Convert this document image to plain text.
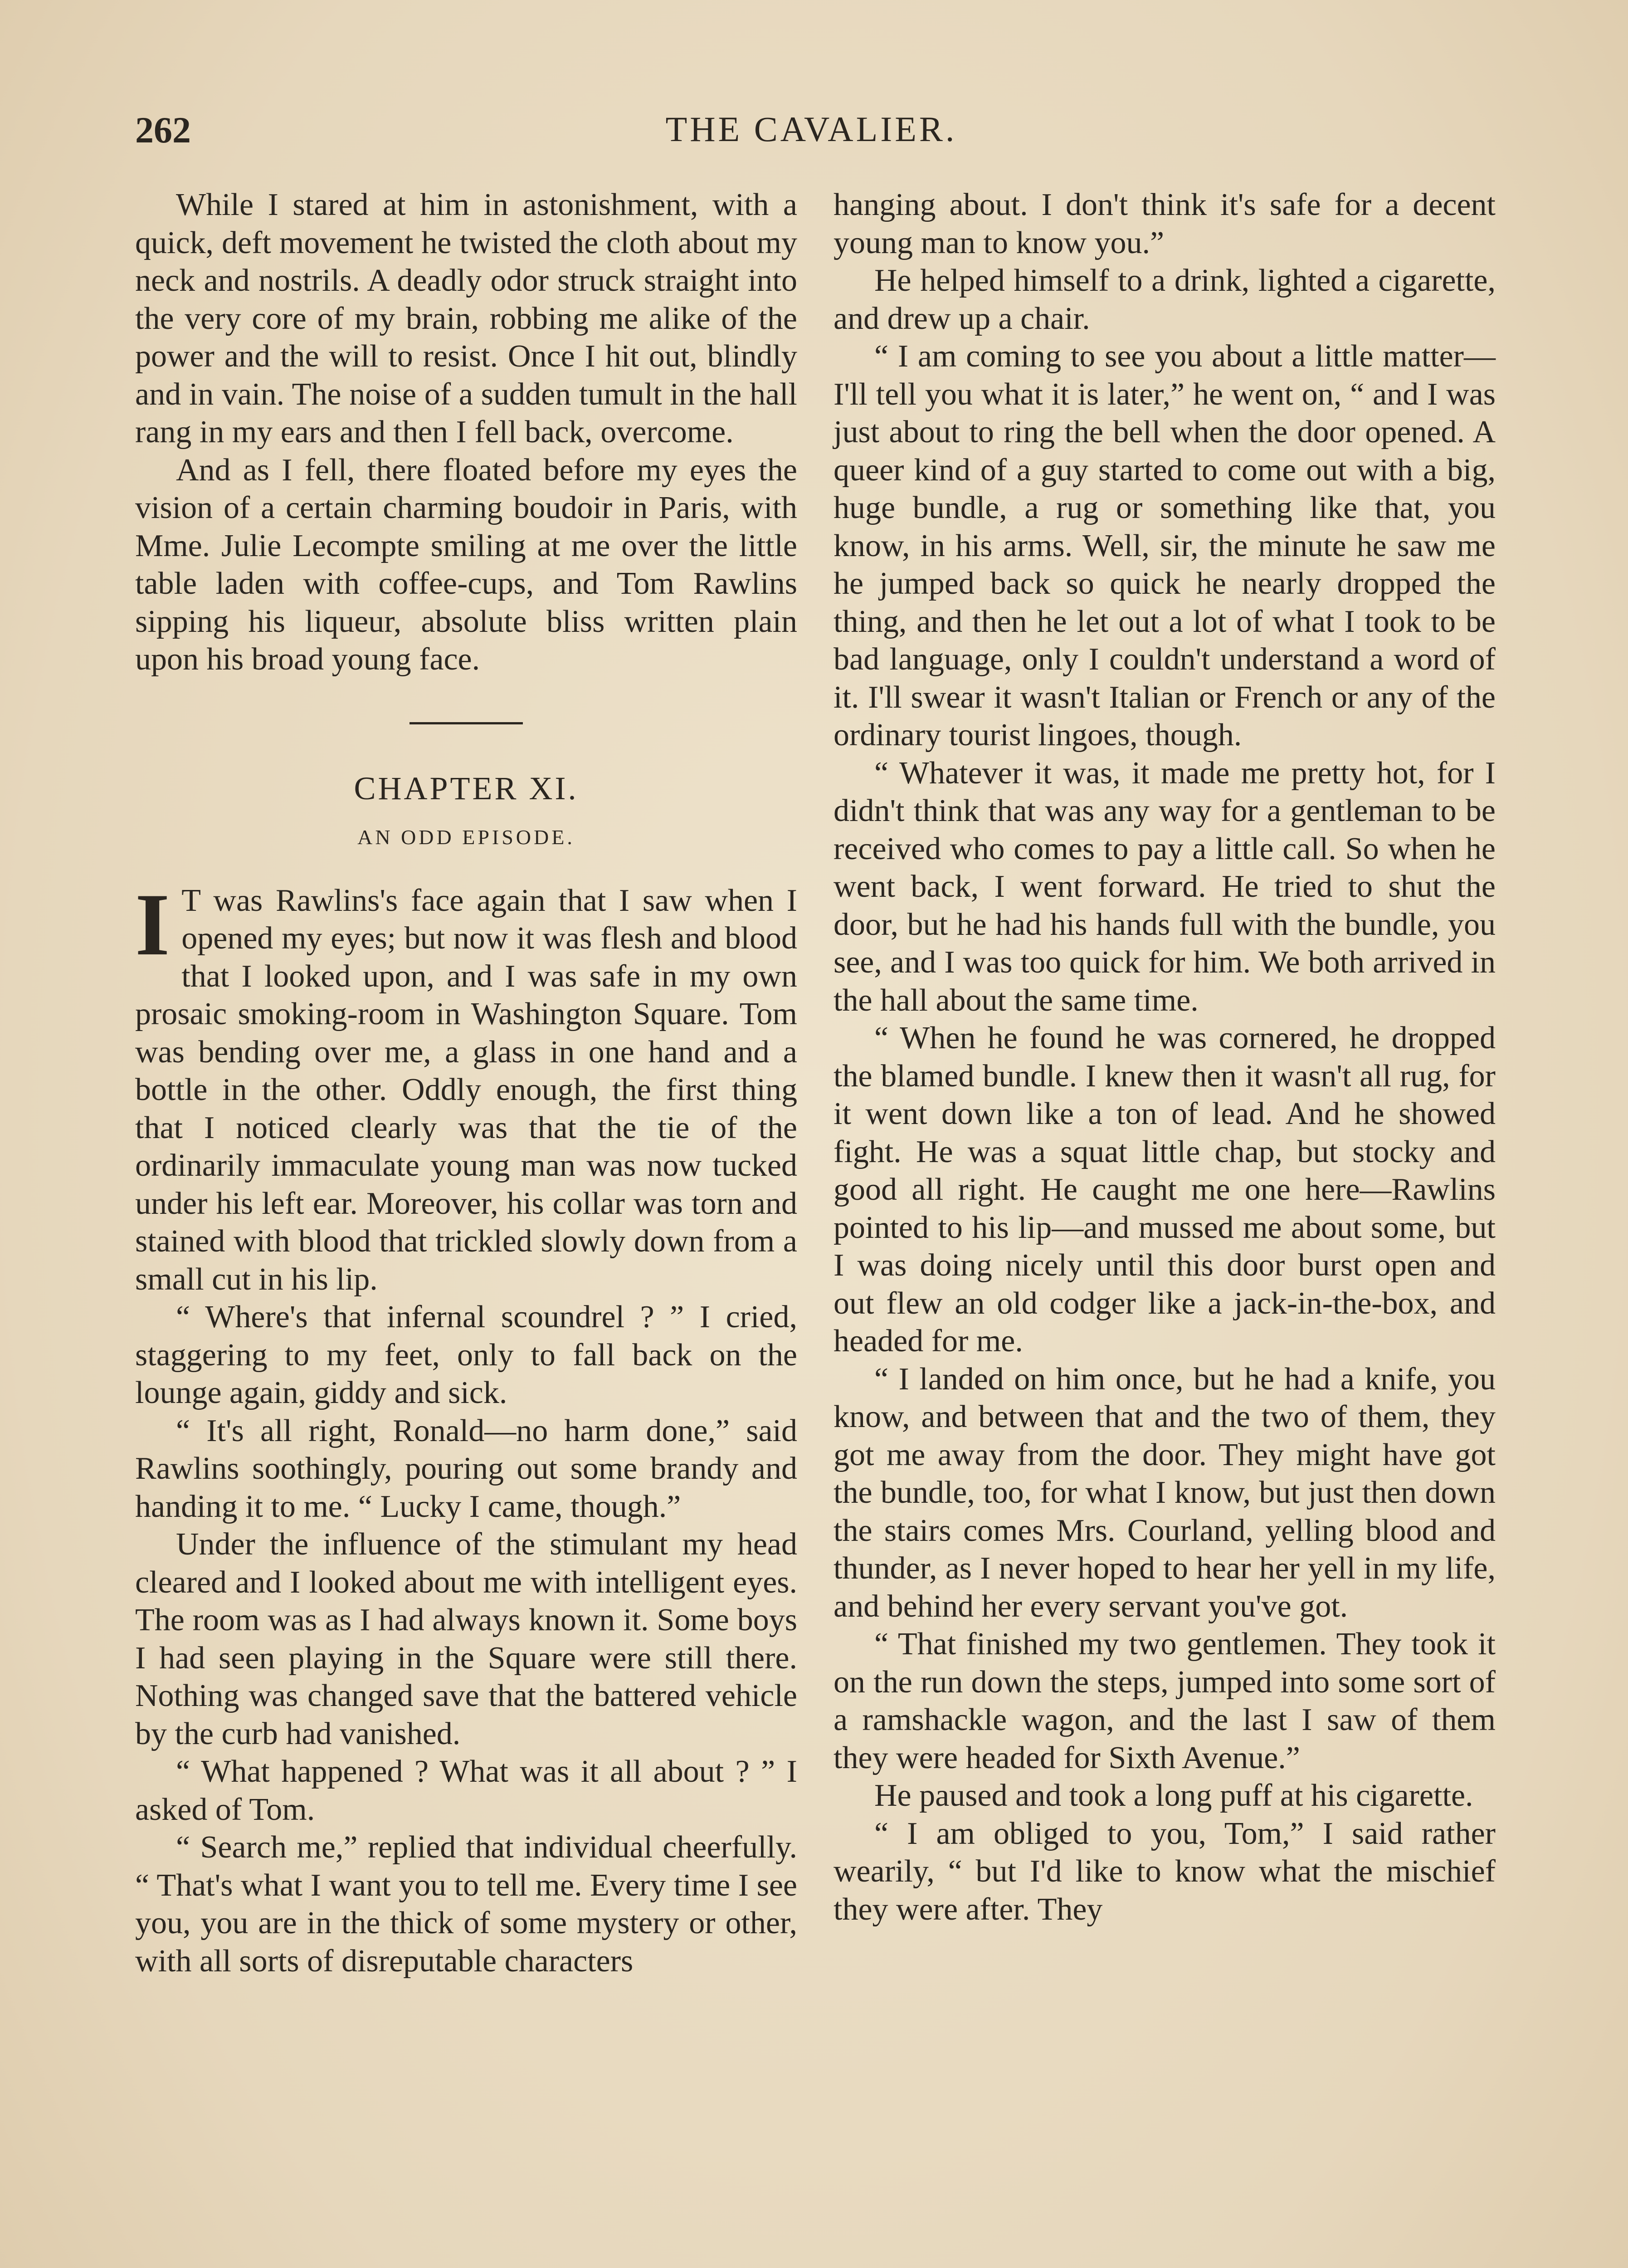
262	THE CAVALIER.

While I stared at him in astonishment, with a quick, deft movement he twisted the cloth about my neck and nostrils. A deadly odor struck straight into the very core of my brain, robbing me alike of the power and the will to resist. Once I hit out, blindly and in vain. The noise of a sudden tumult in the hall rang in my ears and then I fell back, overcome.

And as I fell, there floated before my eyes the vision of a certain charming boudoir in Paris, with Mme. Julie Lecompte smiling at me over the little table laden with coffee-cups, and Tom Rawlins sipping his liqueur, absolute bliss written plain upon his broad young face.

CHAPTER XI.
AN ODD EPISODE.
I T was Rawlins's face again that I saw when I opened my eyes; but now it was flesh and blood that I looked upon, and I was safe in my own prosaic smoking-room in Washington Square. Tom was bending over me, a glass in one hand and a bottle in the other. Oddly enough, the first thing that I noticed clearly was that the tie of the ordinarily immaculate young man was now tucked under his left ear. Moreover, his collar was torn and stained with blood that trickled slowly down from a small cut in his lip.

“ Where's that infernal scoundrel ? ” I cried, staggering to my feet, only to fall back on the lounge again, giddy and sick.

“ It's all right, Ronald—no harm done,” said Rawlins soothingly, pouring out some brandy and handing it to me. “ Lucky I came, though.”

Under the influence of the stimulant my head cleared and I looked about me with intelligent eyes. The room was as I had always known it. Some boys I had seen playing in the Square were still there. Nothing was changed save that the battered vehicle by the curb had vanished.

“ What happened ? What was it all about ? ” I asked of Tom.

“ Search me,” replied that individual cheerfully. “ That's what I want you to tell me. Every time I see you, you are in the thick of some mystery or other, with all sorts of disreputable characters

hanging about. I don't think it's safe for a decent young man to know you.”

He helped himself to a drink, lighted a cigarette, and drew up a chair.

“ I am coming to see you about a little matter—I'll tell you what it is later,” he went on, “ and I was just about to ring the bell when the door opened. A queer kind of a guy started to come out with a big, huge bundle, a rug or something like that, you know, in his arms. Well, sir, the minute he saw me he jumped back so quick he nearly dropped the thing, and then he let out a lot of what I took to be bad language, only I couldn't understand a word of it. I'll swear it wasn't Italian or French or any of the ordinary tourist lingoes, though.

“ Whatever it was, it made me pretty hot, for I didn't think that was any way for a gentleman to be received who comes to pay a little call. So when he went back, I went forward. He tried to shut the door, but he had his hands full with the bundle, you see, and I was too quick for him. We both arrived in the hall about the same time.

“ When he found he was cornered, he dropped the blamed bundle. I knew then it wasn't all rug, for it went down like a ton of lead. And he showed fight. He was a squat little chap, but stocky and good all right. He caught me one here—Rawlins pointed to his lip—and mussed me about some, but I was doing nicely until this door burst open and out flew an old codger like a jack-in-the-box, and headed for me.

“ I landed on him once, but he had a knife, you know, and between that and the two of them, they got me away from the door. They might have got the bundle, too, for what I know, but just then down the stairs comes Mrs. Courland, yelling blood and thunder, as I never hoped to hear her yell in my life, and behind her every servant you've got.

“ That finished my two gentlemen. They took it on the run down the steps, jumped into some sort of a ramshackle wagon, and the last I saw of them they were headed for Sixth Avenue.”

He paused and took a long puff at his cigarette.

“ I am obliged to you, Tom,” I said rather wearily, “ but I'd like to know what the mischief they were after. They
